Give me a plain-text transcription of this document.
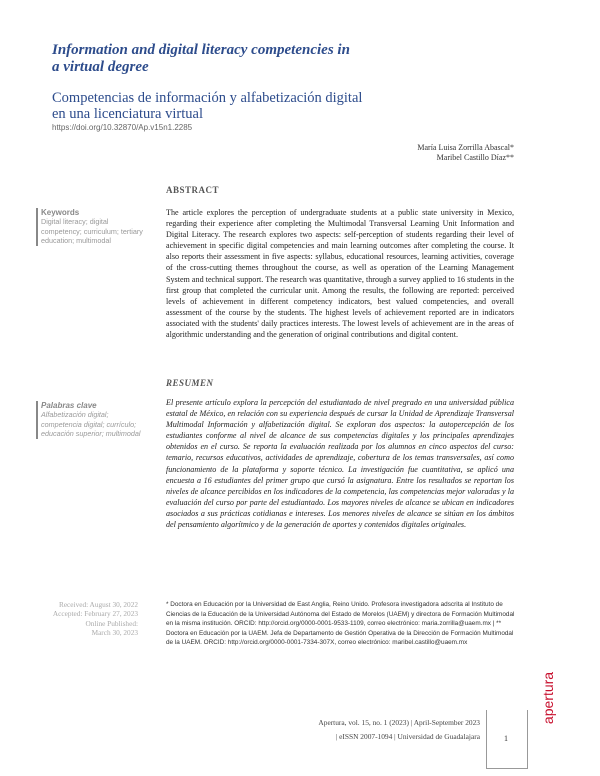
Information and digital literacy competencies in a virtual degree
Competencias de información y alfabetización digital en una licenciatura virtual
https://doi.org/10.32870/Ap.v15n1.2285
María Luisa Zorrilla Abascal*
Maribel Castillo Díaz**
ABSTRACT
The article explores the perception of undergraduate students at a public state university in Mexico, regarding their experience after completing the Multimodal Transversal Learning Unit Information and Digital Literacy. The research explores two aspects: self-perception of students regarding their level of achievement in specific digital competencies and main learning outcomes after completing the course. It also reports their assessment in five aspects: syllabus, educational resources, learning activities, coverage of the cross-cutting themes throughout the course, as well as operation of the Learning Management System and technical support. The research was quantitative, through a survey applied to 16 students in the first group that completed the curricular unit. Among the results, the following are reported: perceived levels of achievement in different competency indicators, best valued competencies, and overall assessment of the course by the students. The highest levels of achievement reported are in indicators associated with the students' daily practices interests. The lowest levels of achievement are in the areas of algorithmic understanding and the generation of original contributions and digital content.
Keywords
Digital literacy; digital competency; curriculum; tertiary education; multimodal
RESUMEN
El presente artículo explora la percepción del estudiantado de nivel pregrado en una universidad pública estatal de México, en relación con su experiencia después de cursar la Unidad de Aprendizaje Transversal Multimodal Información y alfabetización digital. Se exploran dos aspectos: la autopercepción de los estudiantes conforme al nivel de alcance de sus competencias digitales y los principales aprendizajes obtenidos en el curso. Se reporta la evaluación realizada por los alumnos en cinco aspectos del curso: temario, recursos educativos, actividades de aprendizaje, cobertura de los temas transversales, así como funcionamiento de la plataforma y soporte técnico. La investigación fue cuantitativa, se aplicó una encuesta a 16 estudiantes del primer grupo que cursó la asignatura. Entre los resultados se reportan los niveles de alcance percibidos en los indicadores de la competencia, las competencias mejor valoradas y la evaluación del curso por parte del estudiantado. Los mayores niveles de alcance se ubican en indicadores asociados a sus prácticas cotidianas e intereses. Los menores niveles de alcance se sitúan en los ámbitos del pensamiento algorítmico y de la generación de aportes y contenidos digitales originales.
Palabras clave
Alfabetización digital; competencia digital; currículo; educación superior; multimodal
Received: August 30, 2022
Accepted: February 27, 2023
Online Published:
March 30, 2023
* Doctora en Educación por la Universidad de East Anglia, Reino Unido. Profesora investigadora adscrita al Instituto de Ciencias de la Educación de la Universidad Autónoma del Estado de Morelos (UAEM) y directora de Formación Multimodal en la misma institución. ORCID: http://orcid.org/0000-0001-9533-1109, correo electrónico: maria.zorrilla@uaem.mx | ** Doctora en Educación por la UAEM. Jefa de Departamento de Gestión Operativa de la Dirección de Formación Multimodal de la UAEM. ORCID: http://orcid.org/0000-0001-7334-307X, correo electrónico: maribel.castillo@uaem.mx
Apertura, vol. 15, no. 1 (2023) | April-September 2023
| eISSN 2007-1094 | Universidad de Guadalajara	1
apertura
